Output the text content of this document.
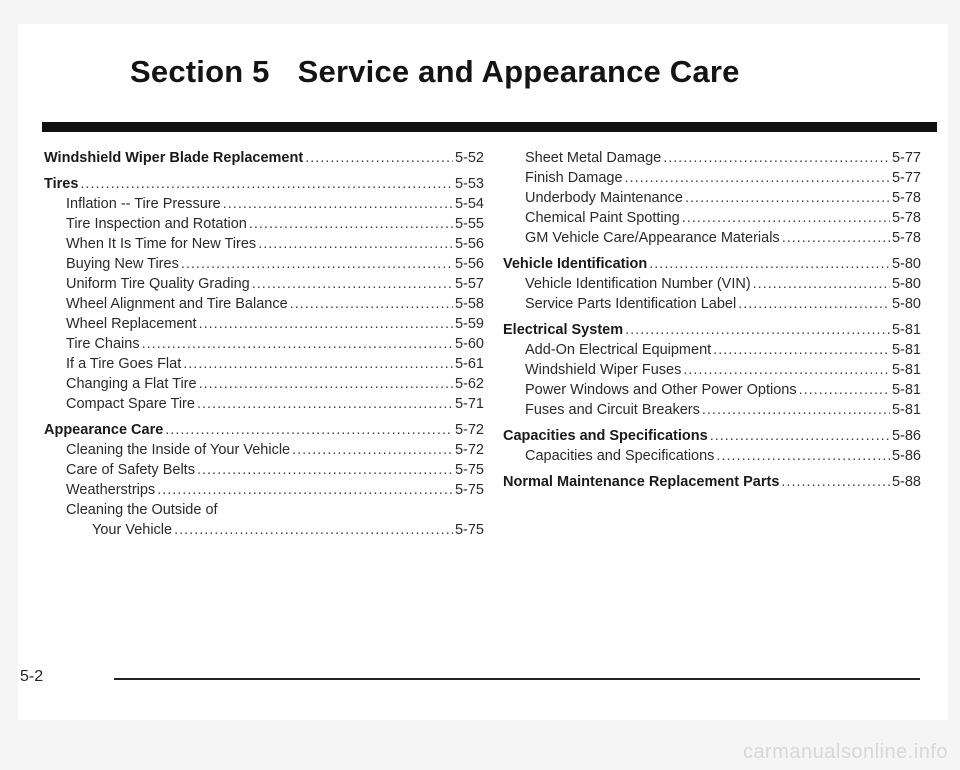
Section 5 Service and Appearance Care
Windshield Wiper Blade Replacement .....	5-52
Tires .....	5-53
Inflation -- Tire Pressure .....	5-54
Tire Inspection and Rotation .....	5-55
When It Is Time for New Tires .....	5-56
Buying New Tires .....	5-56
Uniform Tire Quality Grading .....	5-57
Wheel Alignment and Tire Balance .....	5-58
Wheel Replacement .....	5-59
Tire Chains .....	5-60
If a Tire Goes Flat .....	5-61
Changing a Flat Tire .....	5-62
Compact Spare Tire .....	5-71
Appearance Care .....	5-72
Cleaning the Inside of Your Vehicle .....	5-72
Care of Safety Belts .....	5-75
Weatherstrips .....	5-75
Cleaning the Outside of
Your Vehicle .....	5-75
Sheet Metal Damage .....	5-77
Finish Damage .....	5-77
Underbody Maintenance .....	5-78
Chemical Paint Spotting .....	5-78
GM Vehicle Care/Appearance Materials .....	5-78
Vehicle Identification .....	5-80
Vehicle Identification Number (VIN) .....	5-80
Service Parts Identification Label .....	5-80
Electrical System .....	5-81
Add-On Electrical Equipment .....	5-81
Windshield Wiper Fuses .....	5-81
Power Windows and Other Power Options .....	5-81
Fuses and Circuit Breakers .....	5-81
Capacities and Specifications .....	5-86
Capacities and Specifications .....	5-86
Normal Maintenance Replacement Parts .....	5-88
5-2
carmanualsonline.info
